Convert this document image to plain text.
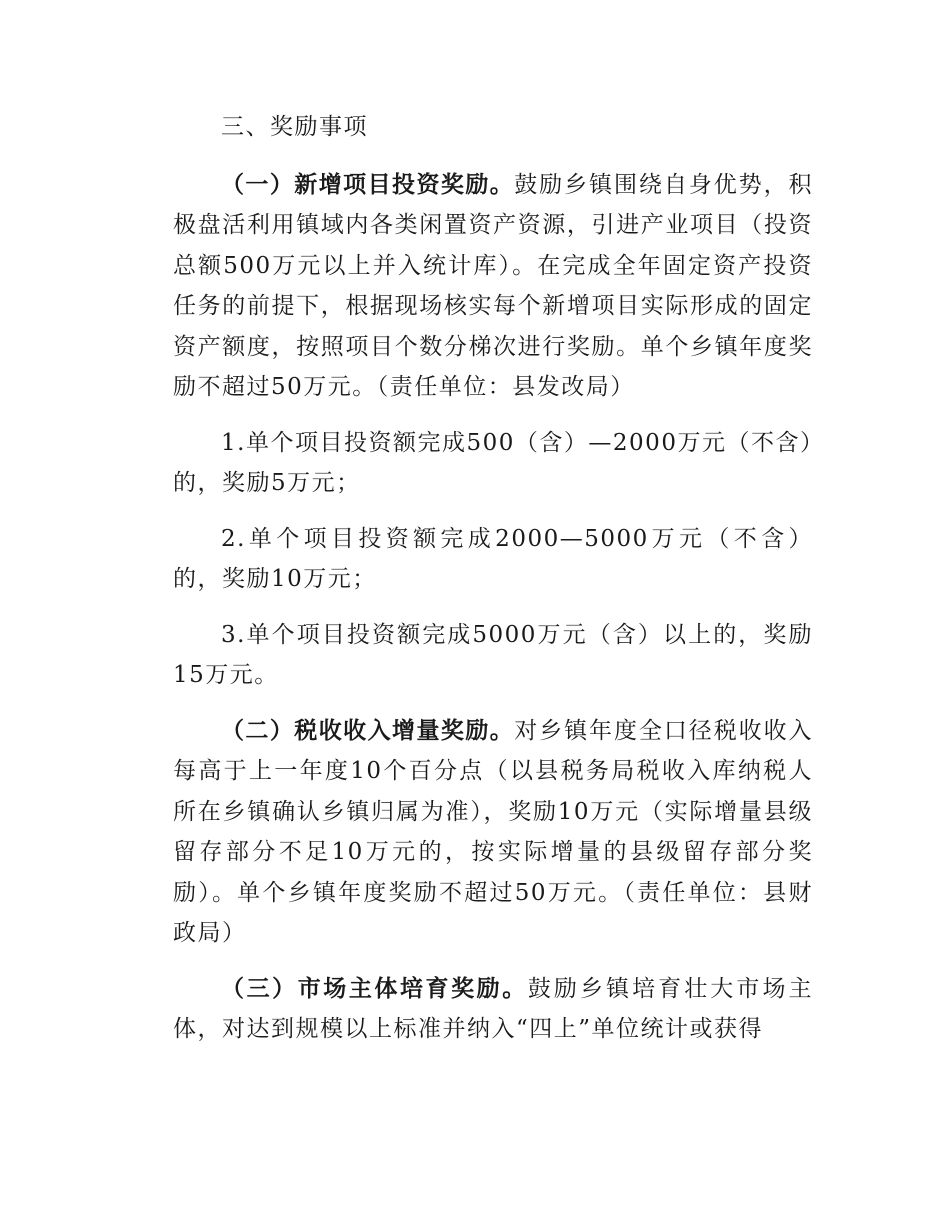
三、奖励事项

（一）新增项目投资奖励。鼓励乡镇围绕自身优势，积极盘活利用镇域内各类闲置资产资源，引进产业项目（投资总额500万元以上并入统计库）。在完成全年固定资产投资任务的前提下，根据现场核实每个新增项目实际形成的固定资产额度，按照项目个数分梯次进行奖励。单个乡镇年度奖励不超过50万元。（责任单位：县发改局）

1.单个项目投资额完成500（含）—2000万元（不含）的，奖励5万元；

2.单个项目投资额完成2000—5000万元（不含）的，奖励10万元；

3.单个项目投资额完成5000万元（含）以上的，奖励15万元。

（二）税收收入增量奖励。对乡镇年度全口径税收收入每高于上一年度10个百分点（以县税务局税收入库纳税人所在乡镇确认乡镇归属为准），奖励10万元（实际增量县级留存部分不足10万元的，按实际增量的县级留存部分奖励）。单个乡镇年度奖励不超过50万元。（责任单位：县财政局）

（三）市场主体培育奖励。鼓励乡镇培育壮大市场主体，对达到规模以上标准并纳入“四上”单位统计或获得
